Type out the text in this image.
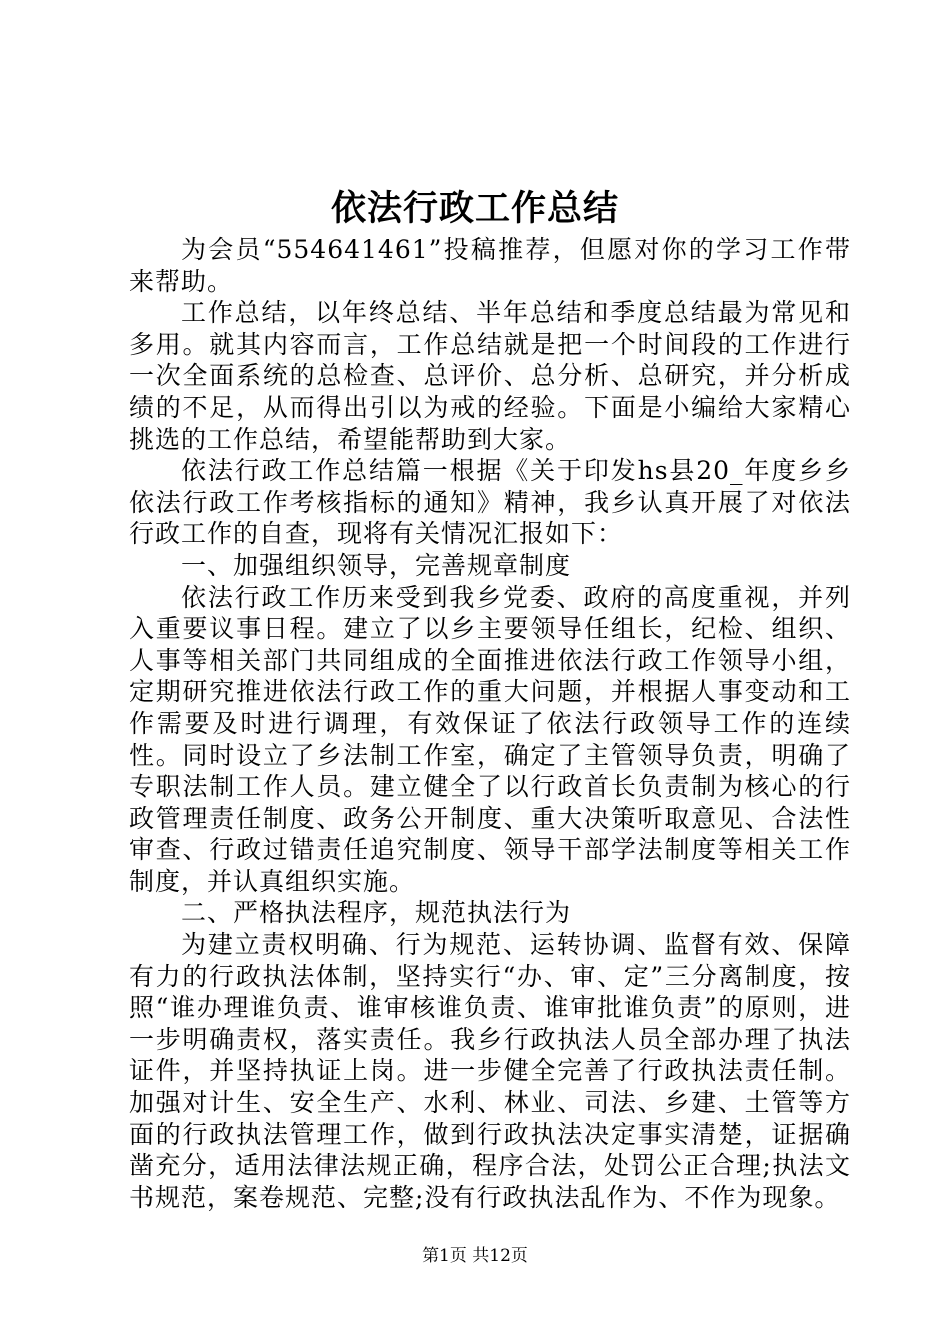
依法行政工作总结

为会员“554641461”投稿推荐，但愿对你的学习工作带来帮助。

工作总结，以年终总结、半年总结和季度总结最为常见和多用。就其内容而言，工作总结就是把一个时间段的工作进行一次全面系统的总检查、总评价、总分析、总研究，并分析成绩的不足，从而得出引以为戒的经验。下面是小编给大家精心挑选的工作总结，希望能帮助到大家。

依法行政工作总结篇一根据《关于印发hs县20_年度乡乡依法行政工作考核指标的通知》精神，我乡认真开展了对依法行政工作的自查，现将有关情况汇报如下：

一、加强组织领导，完善规章制度

依法行政工作历来受到我乡党委、政府的高度重视，并列入重要议事日程。建立了以乡主要领导任组长，纪检、组织、人事等相关部门共同组成的全面推进依法行政工作领导小组，定期研究推进依法行政工作的重大问题，并根据人事变动和工作需要及时进行调理，有效保证了依法行政领导工作的连续性。同时设立了乡法制工作室，确定了主管领导负责，明确了专职法制工作人员。建立健全了以行政首长负责制为核心的行政管理责任制度、政务公开制度、重大决策听取意见、合法性审查、行政过错责任追究制度、领导干部学法制度等相关工作制度，并认真组织实施。

二、严格执法程序，规范执法行为

为建立责权明确、行为规范、运转协调、监督有效、保障有力的行政执法体制，坚持实行“办、审、定”三分离制度，按照“谁办理谁负责、谁审核谁负责、谁审批谁负责”的原则，进一步明确责权，落实责任。我乡行政执法人员全部办理了执法证件，并坚持执证上岗。进一步健全完善了行政执法责任制。加强对计生、安全生产、水利、林业、司法、乡建、土管等方面的行政执法管理工作，做到行政执法决定事实清楚，证据确凿充分，适用法律法规正确，程序合法，处罚公正合理;执法文书规范，案卷规范、完整;没有行政执法乱作为、不作为现象。

第1页 共12页
